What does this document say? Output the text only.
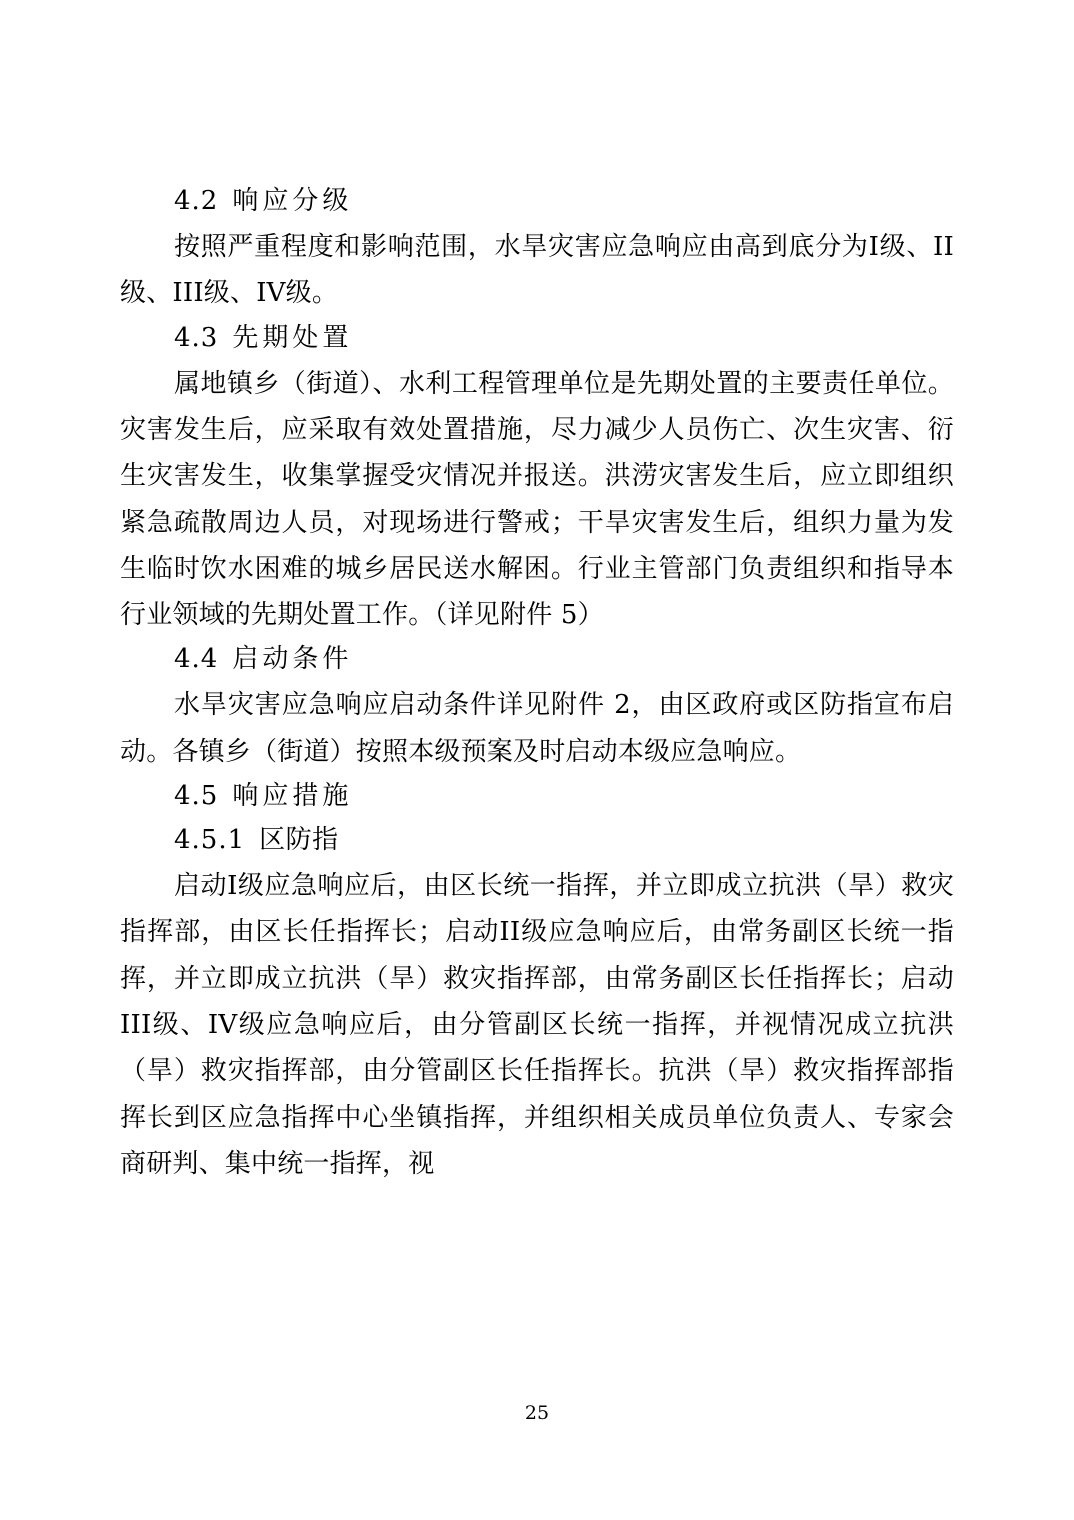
4.2 响应分级

按照严重程度和影响范围，水旱灾害应急响应由高到底分为I级、II级、III级、IV级。

4.3 先期处置

属地镇乡（街道）、水利工程管理单位是先期处置的主要责任单位。灾害发生后，应采取有效处置措施，尽力减少人员伤亡、次生灾害、衍生灾害发生，收集掌握受灾情况并报送。洪涝灾害发生后，应立即组织紧急疏散周边人员，对现场进行警戒；干旱灾害发生后，组织力量为发生临时饮水困难的城乡居民送水解困。行业主管部门负责组织和指导本行业领域的先期处置工作。（详见附件 5）

4.4 启动条件

水旱灾害应急响应启动条件详见附件 2，由区政府或区防指宣布启动。各镇乡（街道）按照本级预案及时启动本级应急响应。

4.5 响应措施
4.5.1 区防指

启动I级应急响应后，由区长统一指挥，并立即成立抗洪（旱）救灾指挥部，由区长任指挥长；启动II级应急响应后，由常务副区长统一指挥，并立即成立抗洪（旱）救灾指挥部，由常务副区长任指挥长；启动III级、IV级应急响应后，由分管副区长统一指挥，并视情况成立抗洪（旱）救灾指挥部，由分管副区长任指挥长。抗洪（旱）救灾指挥部指挥长到区应急指挥中心坐镇指挥，并组织相关成员单位负责人、专家会商研判、集中统一指挥，视

25
